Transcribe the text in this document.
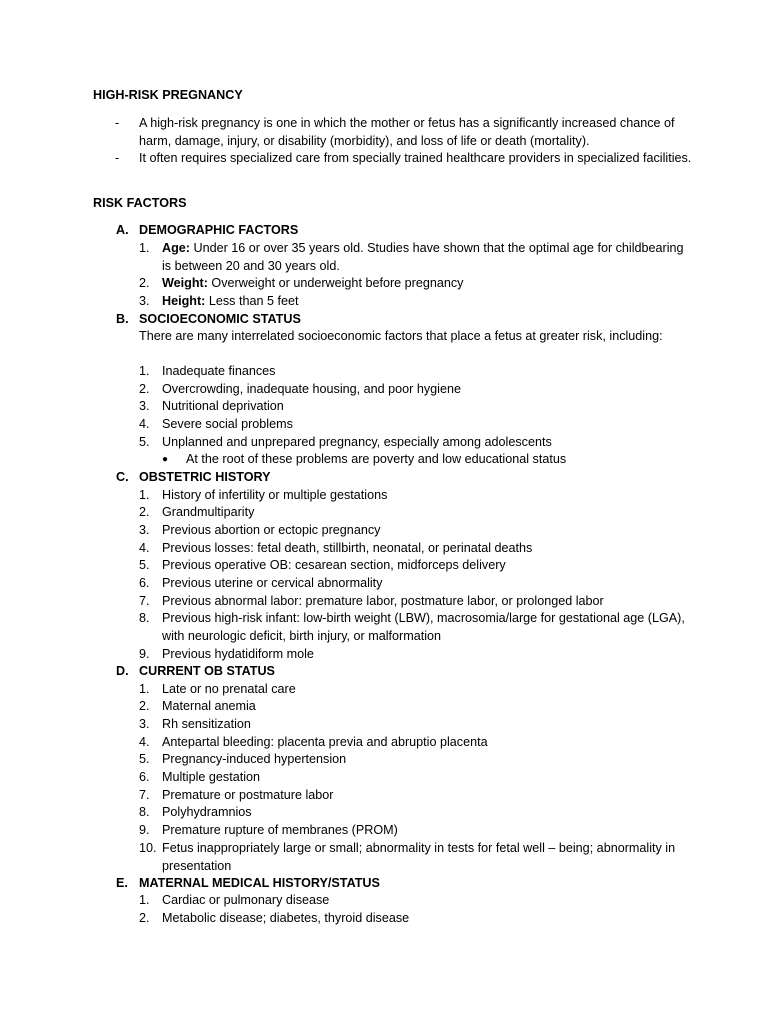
HIGH-RISK PREGNANCY
- A high-risk pregnancy is one in which the mother or fetus has a significantly increased chance of harm, damage, injury, or disability (morbidity), and loss of life or death (mortality).
- It often requires specialized care from specially trained healthcare providers in specialized facilities.
RISK FACTORS
A. DEMOGRAPHIC FACTORS
1. Age: Under 16 or over 35 years old. Studies have shown that the optimal age for childbearing is between 20 and 30 years old.
2. Weight: Overweight or underweight before pregnancy
3. Height: Less than 5 feet
B. SOCIOECONOMIC STATUS
There are many interrelated socioeconomic factors that place a fetus at greater risk, including:
1. Inadequate finances
2. Overcrowding, inadequate housing, and poor hygiene
3. Nutritional deprivation
4. Severe social problems
5. Unplanned and unprepared pregnancy, especially among adolescents
● At the root of these problems are poverty and low educational status
C. OBSTETRIC HISTORY
1. History of infertility or multiple gestations
2. Grandmultiparity
3. Previous abortion or ectopic pregnancy
4. Previous losses: fetal death, stillbirth, neonatal, or perinatal deaths
5. Previous operative OB: cesarean section, midforceps delivery
6. Previous uterine or cervical abnormality
7. Previous abnormal labor: premature labor, postmature labor, or prolonged labor
8. Previous high-risk infant: low-birth weight (LBW), macrosomia/large for gestational age (LGA), with neurologic deficit, birth injury, or malformation
9. Previous hydatidiform mole
D. CURRENT OB STATUS
1. Late or no prenatal care
2. Maternal anemia
3. Rh sensitization
4. Antepartal bleeding: placenta previa and abruptio placenta
5. Pregnancy-induced hypertension
6. Multiple gestation
7. Premature or postmature labor
8. Polyhydramnios
9. Premature rupture of membranes (PROM)
10. Fetus inappropriately large or small; abnormality in tests for fetal well – being; abnormality in presentation
E. MATERNAL MEDICAL HISTORY/STATUS
1. Cardiac or pulmonary disease
2. Metabolic disease; diabetes, thyroid disease
